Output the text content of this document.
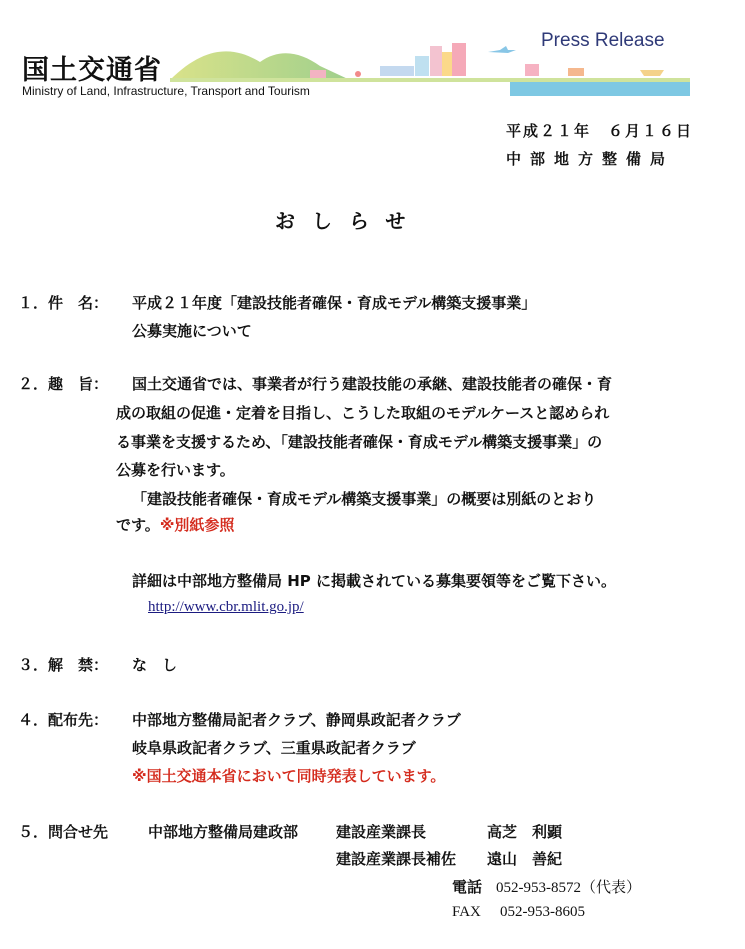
国土交通省
Ministry of Land, Infrastructure, Transport and Tourism
Press Release
平成２１年　６月１６日
中部地方整備局
おしらせ
１．件　名： 平成２１年度「建設技能者確保・育成モデル構築支援事業」
公募実施について
２．趣　旨： 国土交通省では、事業者が行う建設技能の承継、建設技能者の確保・育
成の取組の促進・定着を目指し、こうした取組のモデルケースと認められ
る事業を支援するため、「建設技能者確保・育成モデル構築支援事業」の
公募を行います。
「建設技能者確保・育成モデル構築支援事業」の概要は別紙のとおり
です。※別紙参照
詳細は中部地方整備局 HP に掲載されている募集要領等をご覧下さい。
http://www.cbr.mlit.go.jp/
３．解　禁： な　し
４．配布先： 中部地方整備局記者クラブ、静岡県政記者クラブ
岐阜県政記者クラブ、三重県政記者クラブ
※国土交通本省において同時発表しています。
５．問合せ先	中部地方整備局建政部	建設産業課長	高芝　利顕
建設産業課長補佐 遠山　善紀
電話 052-953-8572（代表）
FAX 052-953-8605
